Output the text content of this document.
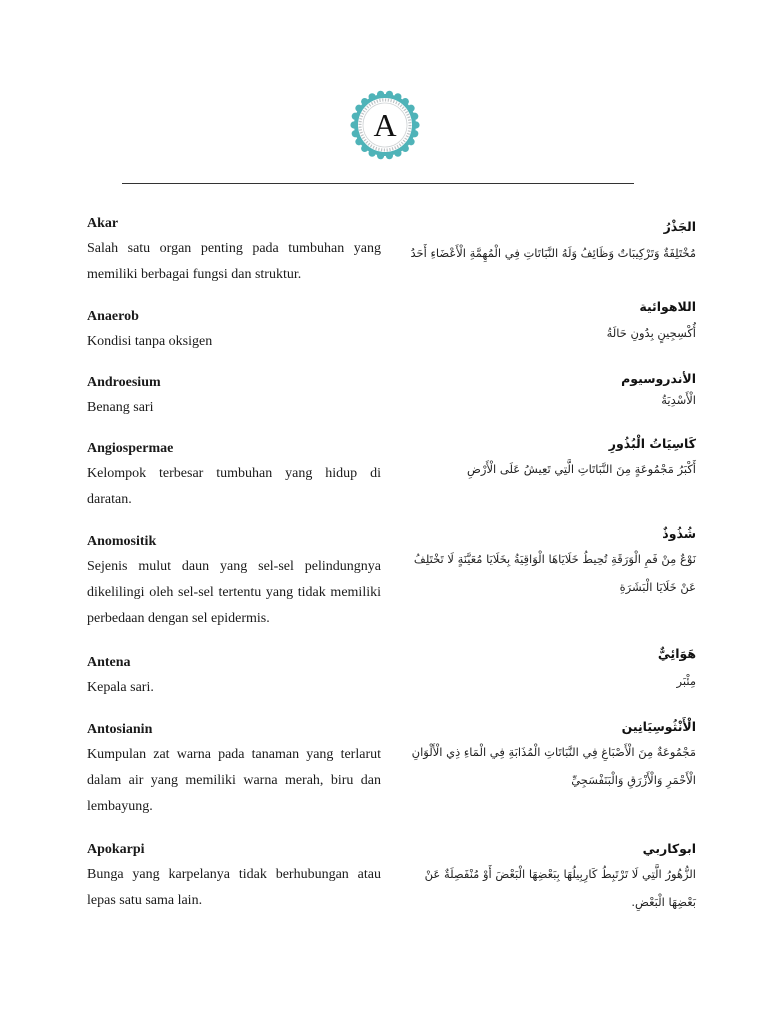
A

Akar

Salah satu organ penting pada tumbuhan yang memiliki berbagai fungsi dan struktur.

الجَذْرُ

مُخْتَلِفَةٌ وَتَرْكِيبَاتٌ وَظَائِفُ وَلَهُ النَّبَاتَاتِ فِي الْمُهِمَّةِ الْأَعْضَاءِ أَحَدُ

Anaerob

Kondisi tanpa oksigen

اللاهوائية

أُكْسِجِينٍ بِدُونِ حَالَةُ

Androesium

Benang sari

الأندروسيوم

الْأَسْدِيَةُ

Angiospermae

Kelompok terbesar tumbuhan yang hidup di daratan.

كَاسِيَاتُ الْبُذُورِ

أَكْبَرُ مَجْمُوعَةٍ مِنَ النَّبَاتَاتِ الَّتِي تَعِيشُ عَلَى الْأَرْضِ

Anomositik

Sejenis mulut daun yang sel-sel pelindungnya dikelilingi oleh sel-sel tertentu yang tidak memiliki perbedaan dengan sel epidermis.

شُذُوذٌ

نَوْعٌ مِنْ فَمِ الْوَرَقَةِ تُحِيطُ خَلَايَاهَا الْوَاقِيَةُ بِخَلَايَا مُعَيَّنَةٍ لَا تَخْتَلِفُ عَنْ خَلَايَا الْبَشَرَةِ

Antena

Kepala sari.

هَوَائِيٌّ

مِئْبَر

Antosianin

Kumpulan zat warna pada tanaman yang terlarut dalam air yang memiliki warna merah, biru dan lembayung.

الْأَنْثُوسِيَانِين

مَجْمُوعَةٌ مِنَ الْأَصْبَاغِ فِي النَّبَاتَاتِ الْمُذَابَةِ فِي الْمَاءِ ذِي الْأَلْوَانِ الْأَحْمَرِ وَالْأَزْرَقِ وَالْبَنَفْسَجِيِّ

Apokarpi

Bunga yang karpelanya tidak berhubungan atau lepas satu sama lain.

ابوكاربي

الزُّهُورُ الَّتِي لَا تَرْتَبِطُ كَارِبِيلُهَا بِبَعْضِهَا الْبَعْضَ أَوْ مُنْفَصِلَةٌ عَنْ بَعْضِهَا الْبَعْضِ.
